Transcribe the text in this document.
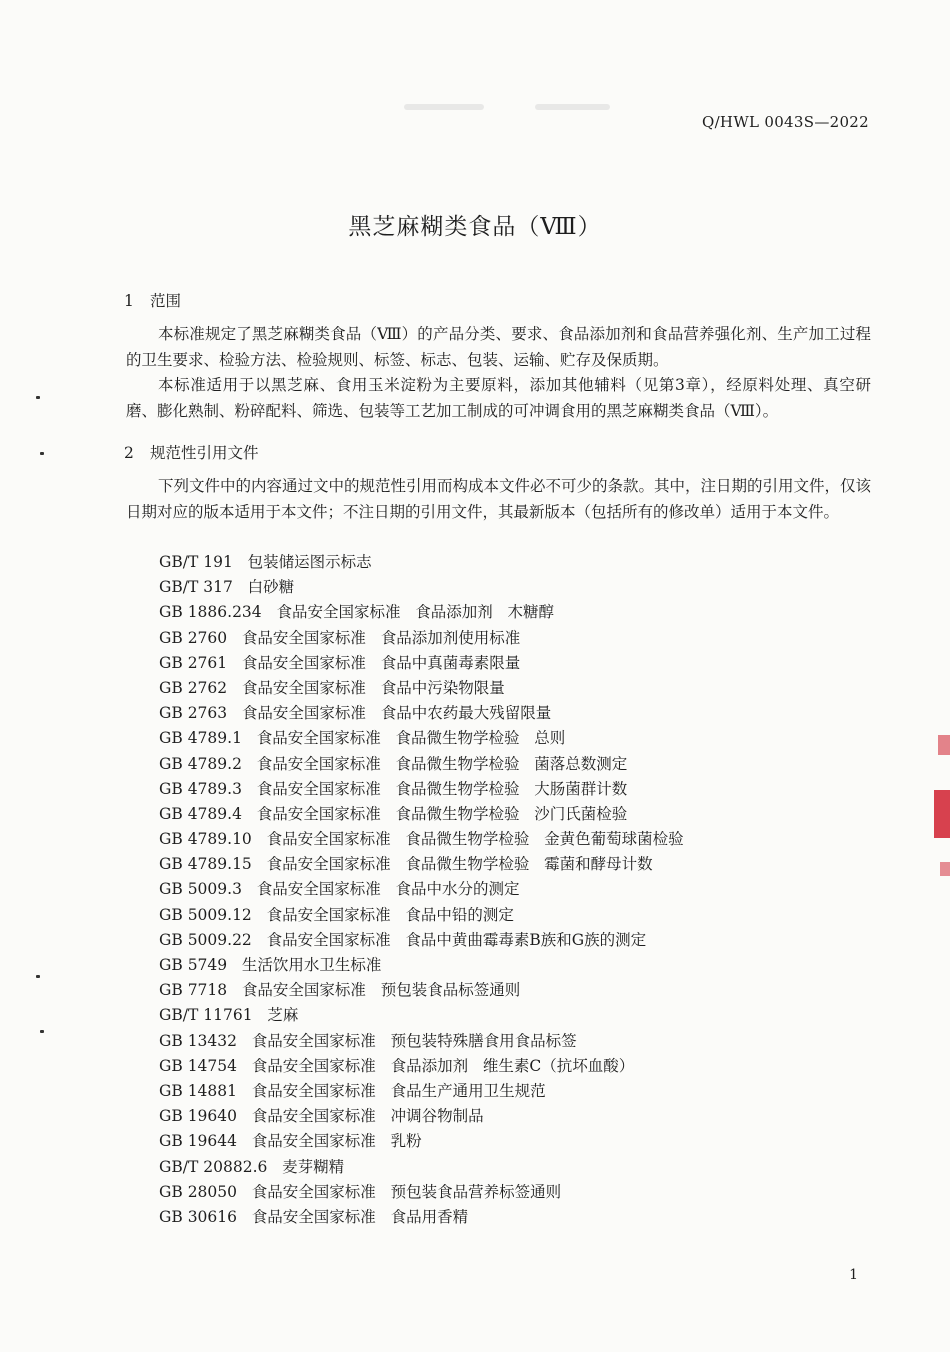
Q/HWL 0043S—2022
黑芝麻糊类食品（Ⅷ）
1 范围
本标准规定了黑芝麻糊类食品（Ⅷ）的产品分类、要求、食品添加剂和食品营养强化剂、生产加工过程的卫生要求、检验方法、检验规则、标签、标志、包装、运输、贮存及保质期。
本标准适用于以黑芝麻、食用玉米淀粉为主要原料，添加其他辅料（见第3章），经原料处理、真空研磨、膨化熟制、粉碎配料、筛选、包装等工艺加工制成的可冲调食用的黑芝麻糊类食品（Ⅷ）。
2 规范性引用文件
下列文件中的内容通过文中的规范性引用而构成本文件必不可少的条款。其中，注日期的引用文件，仅该日期对应的版本适用于本文件；不注日期的引用文件，其最新版本（包括所有的修改单）适用于本文件。
GB/T 191   包装储运图示标志
GB/T 317   白砂糖
GB 1886.234   食品安全国家标准   食品添加剂   木糖醇
GB 2760   食品安全国家标准   食品添加剂使用标准
GB 2761   食品安全国家标准   食品中真菌毒素限量
GB 2762   食品安全国家标准   食品中污染物限量
GB 2763   食品安全国家标准   食品中农药最大残留限量
GB 4789.1   食品安全国家标准   食品微生物学检验   总则
GB 4789.2   食品安全国家标准   食品微生物学检验   菌落总数测定
GB 4789.3   食品安全国家标准   食品微生物学检验   大肠菌群计数
GB 4789.4   食品安全国家标准   食品微生物学检验   沙门氏菌检验
GB 4789.10   食品安全国家标准   食品微生物学检验   金黄色葡萄球菌检验
GB 4789.15   食品安全国家标准   食品微生物学检验   霉菌和酵母计数
GB 5009.3   食品安全国家标准   食品中水分的测定
GB 5009.12   食品安全国家标准   食品中铅的测定
GB 5009.22   食品安全国家标准   食品中黄曲霉毒素B族和G族的测定
GB 5749   生活饮用水卫生标准
GB 7718   食品安全国家标准   预包装食品标签通则
GB/T 11761   芝麻
GB 13432   食品安全国家标准   预包装特殊膳食用食品标签
GB 14754   食品安全国家标准   食品添加剂   维生素C（抗坏血酸）
GB 14881   食品安全国家标准   食品生产通用卫生规范
GB 19640   食品安全国家标准   冲调谷物制品
GB 19644   食品安全国家标准   乳粉
GB/T 20882.6   麦芽糊精
GB 28050   食品安全国家标准   预包装食品营养标签通则
GB 30616   食品安全国家标准   食品用香精
1
